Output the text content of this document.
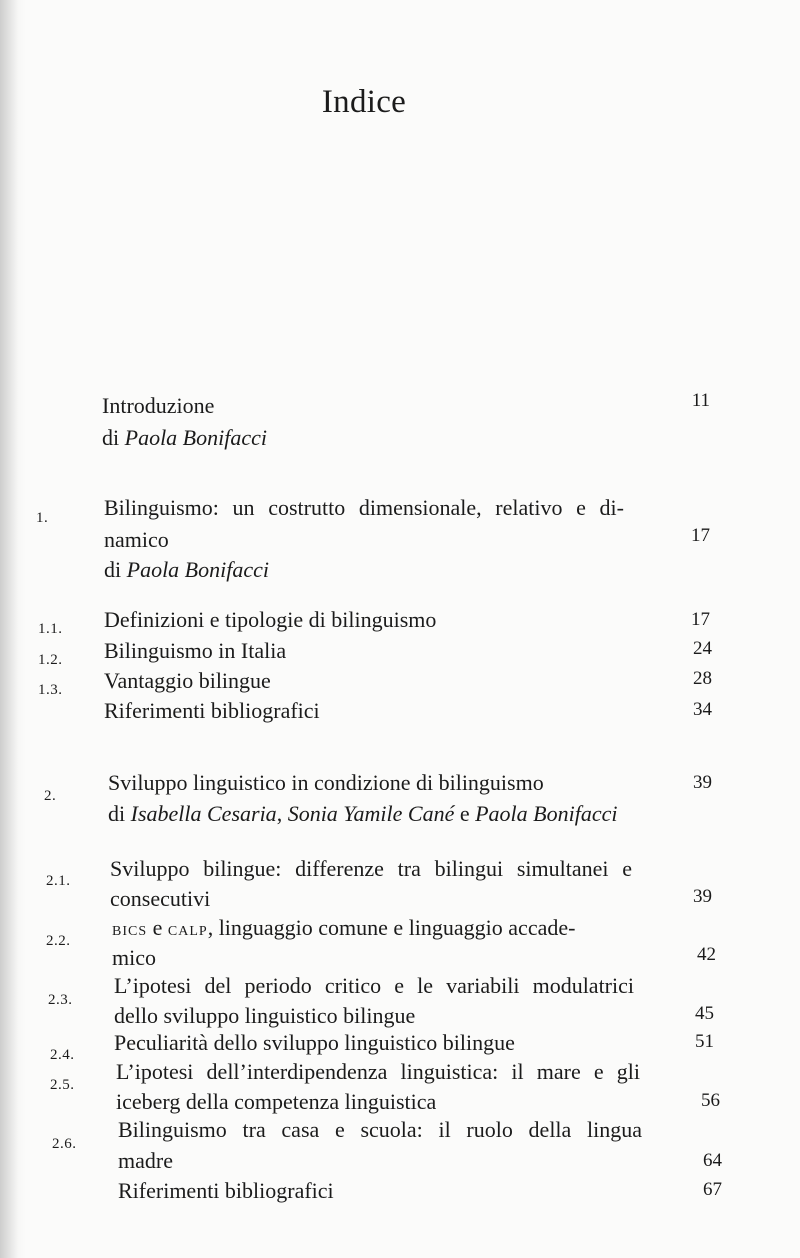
Indice
Introduzione	11
di Paola Bonifacci
1.	Bilinguismo: un costrutto dimensionale, relativo e di-
namico	17
di Paola Bonifacci
1.1. Definizioni e tipologie di bilinguismo	17
1.2. Bilinguismo in Italia	24
1.3. Vantaggio bilingue	28
Riferimenti bibliografici	34
2.
Sviluppo linguistico in condizione di bilinguismo	39
di Isabella Cesaria, Sonia Yamile Cané e Paola Bonifacci
2.1. Sviluppo bilingue: differenze tra bilingui simultanei e
consecutivi	39
2.2.
bics e calp, linguaggio comune e linguaggio accade-
mico	42
2.3.
L’ipotesi del periodo critico e le variabili modulatrici
dello sviluppo linguistico bilingue	45
2.4. Peculiarità dello sviluppo linguistico bilingue	51
2.5.
L’ipotesi dell’interdipendenza linguistica: il mare e gli
iceberg della competenza linguistica	56
2.6.
Bilinguismo tra casa e scuola: il ruolo della lingua
madre	64
Riferimenti bibliografici	67
